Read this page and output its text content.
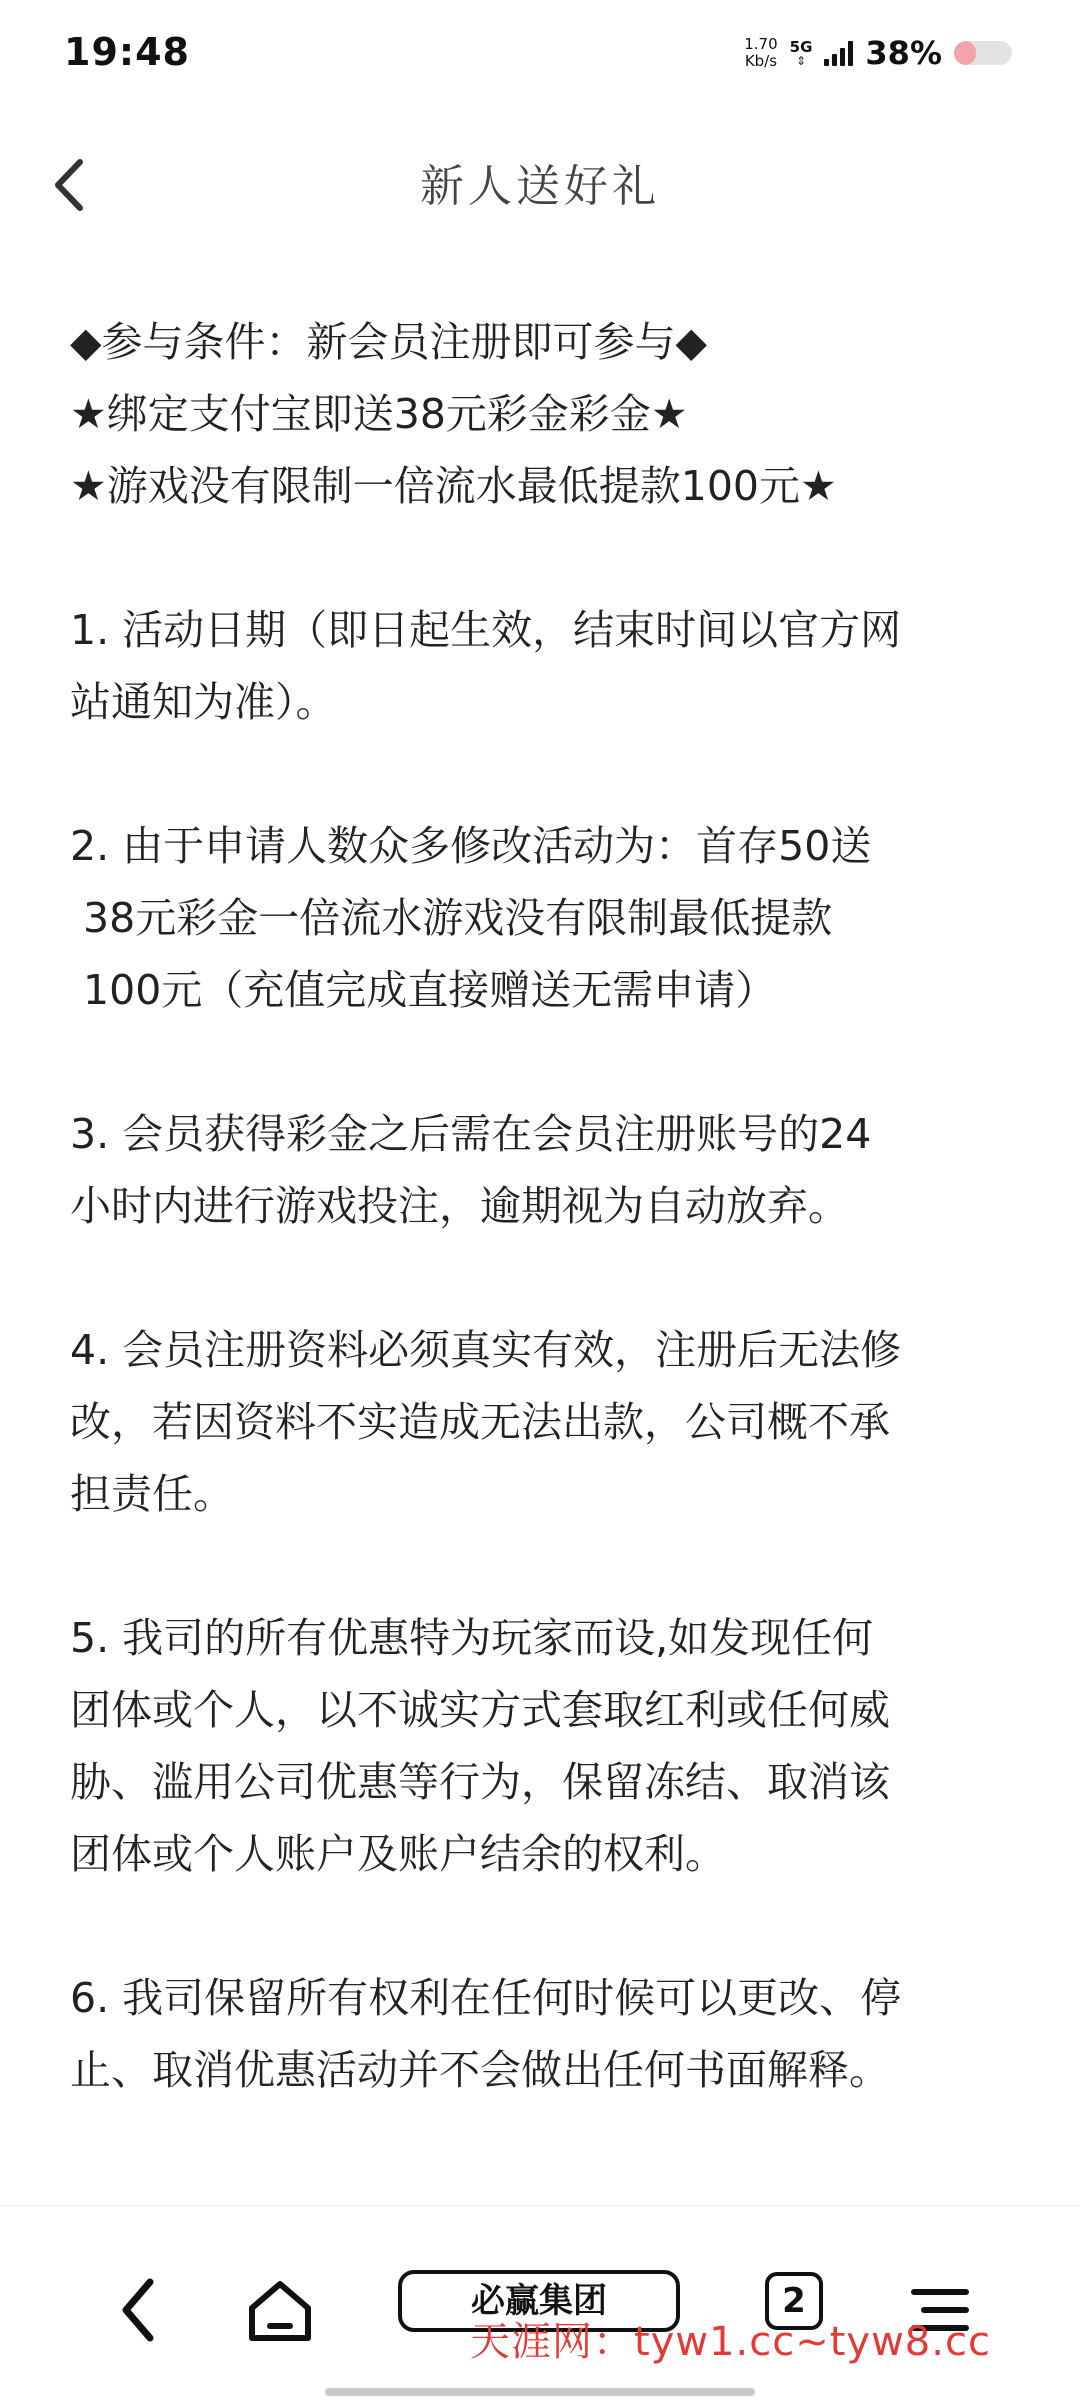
19:48	1.70
Kb/s
5G
⇕ 38%
新人送好礼
◆参与条件：新会员注册即可参与◆
★绑定支付宝即送38元彩金彩金★
★游戏没有限制一倍流水最低提款100元★
1. 活动日期（即日起生效，结束时间以官方网
站通知为准）。
2. 由于申请人数众多修改活动为：首存50送
38元彩金一倍流水游戏没有限制最低提款
100元（充值完成直接赠送无需申请）
3. 会员获得彩金之后需在会员注册账号的24
小时内进行游戏投注，逾期视为自动放弃。
4. 会员注册资料必须真实有效，注册后无法修
改，若因资料不实造成无法出款，公司概不承
担责任。
5. 我司的所有优惠特为玩家而设,如发现任何
团体或个人，以不诚实方式套取红利或任何威
胁、滥用公司优惠等行为，保留冻结、取消该
团体或个人账户及账户结余的权利。
6. 我司保留所有权利在任何时候可以更改、停
止、取消优惠活动并不会做出任何书面解释。
必赢集团	2
天涯网：tyw1.cc~tyw8.cc
